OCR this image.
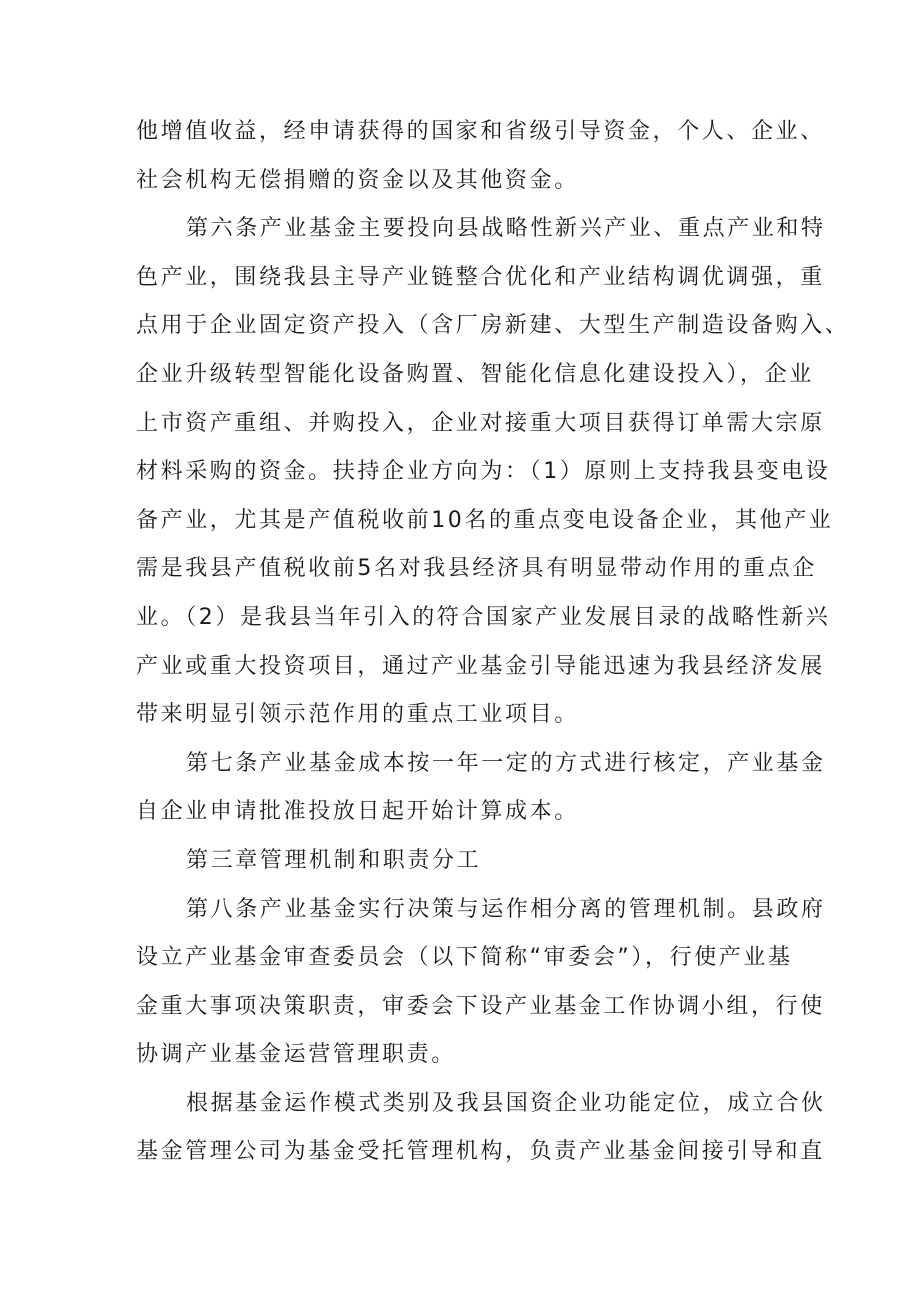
他增值收益，经申请获得的国家和省级引导资金，个人、企业、
社会机构无偿捐赠的资金以及其他资金。
第六条产业基金主要投向县战略性新兴产业、重点产业和特
色产业，围绕我县主导产业链整合优化和产业结构调优调强，重
点用于企业固定资产投入（含厂房新建、大型生产制造设备购入、
企业升级转型智能化设备购置、智能化信息化建设投入），企业
上市资产重组、并购投入，企业对接重大项目获得订单需大宗原
材料采购的资金。扶持企业方向为：（1）原则上支持我县变电设
备产业，尤其是产值税收前10名的重点变电设备企业，其他产业
需是我县产值税收前5名对我县经济具有明显带动作用的重点企
业。（2）是我县当年引入的符合国家产业发展目录的战略性新兴
产业或重大投资项目，通过产业基金引导能迅速为我县经济发展
带来明显引领示范作用的重点工业项目。
第七条产业基金成本按一年一定的方式进行核定，产业基金
自企业申请批准投放日起开始计算成本。
第三章管理机制和职责分工
第八条产业基金实行决策与运作相分离的管理机制。县政府
设立产业基金审查委员会（以下简称“审委会”），行使产业基
金重大事项决策职责，审委会下设产业基金工作协调小组，行使
协调产业基金运营管理职责。
根据基金运作模式类别及我县国资企业功能定位，成立合伙
基金管理公司为基金受托管理机构，负责产业基金间接引导和直
